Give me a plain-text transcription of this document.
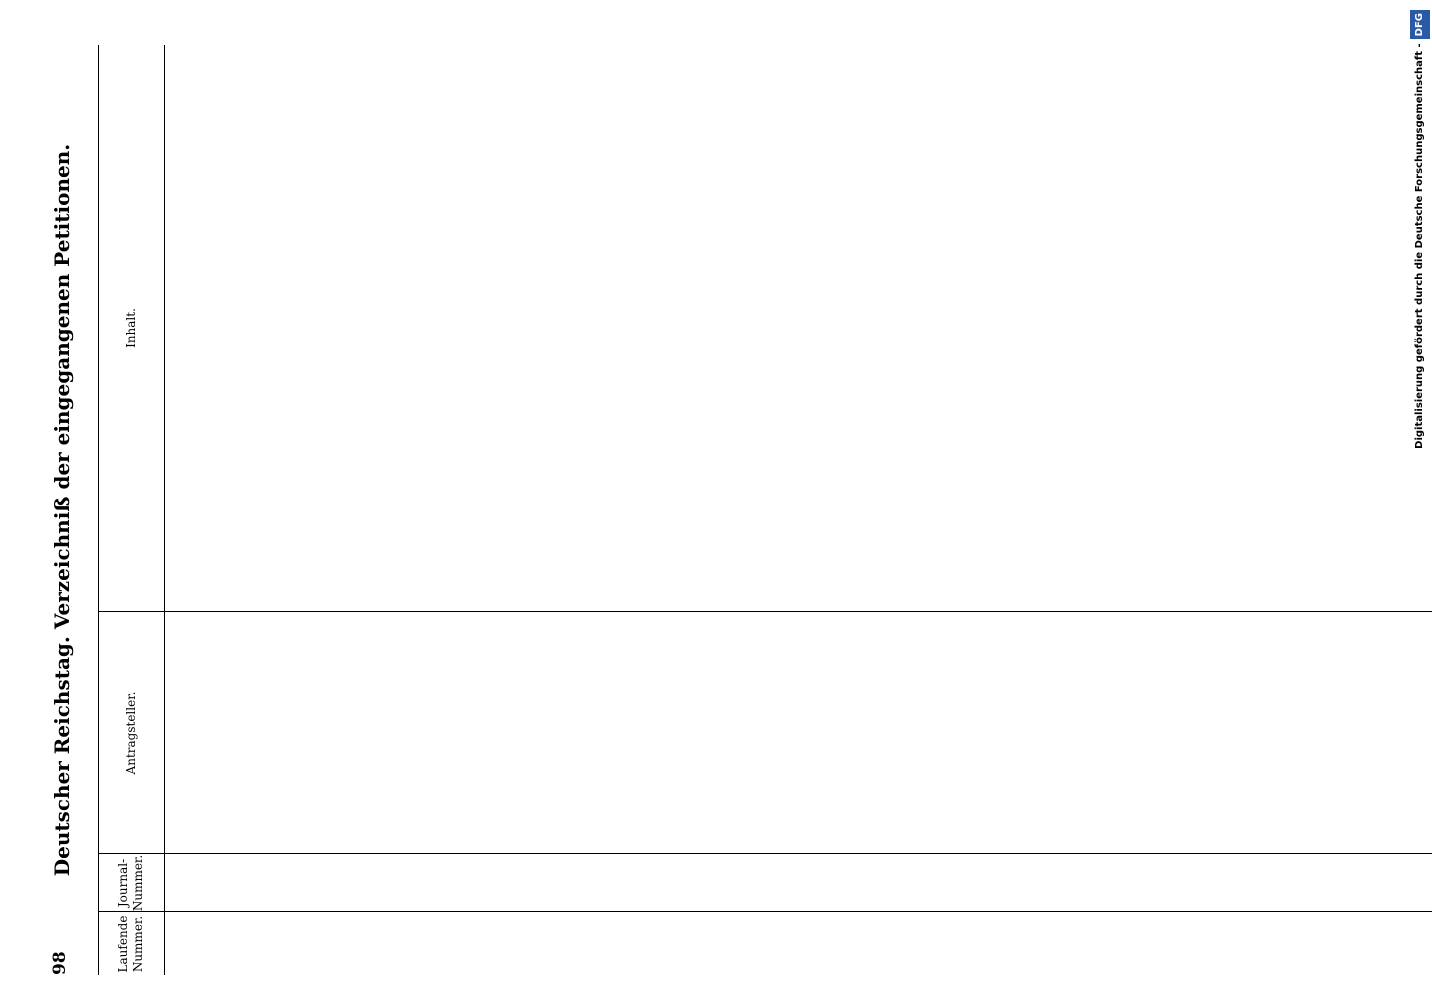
98
Deutscher Reichstag. Verzeichniß der eingegangenen Petitionen.
Laufende Nummer.
Journal-Nummer.
Antragsteller.
Inhalt.	Digitalisierung gefördert durch die Deutsche Forschungsgemeinschaft -DFG
